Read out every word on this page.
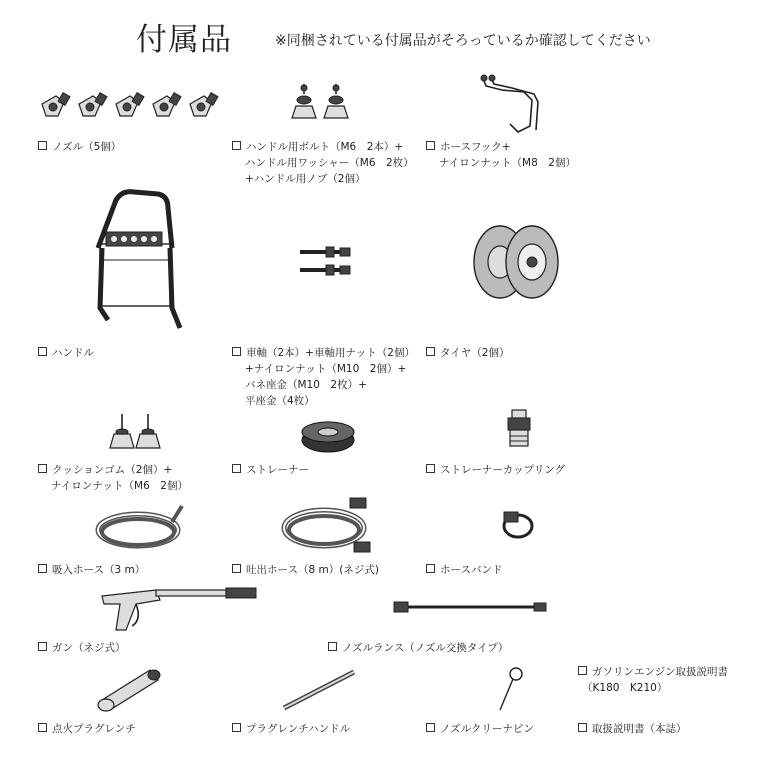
付属品	※同梱されている付属品がそろっているか確認してください
ノズル（5個）	ハンドル用ボルト（M6　2本）+
ハンドル用ワッシャー（M6　2枚）
+ハンドル用ノブ（2個）
ホースフック+
ナイロンナット（M8　2個）
ハンドル	車軸（2本）+車軸用ナット（2個）
+ナイロンナット（M10　2個）+
バネ座金（M10　2枚）+
平座金（4枚）
タイヤ（2個）
クッションゴム（2個）+
ナイロンナット（M6　2個）
ストレーナー	ストレーナーカップリング
吸入ホース（3 m）	吐出ホース（8 m）(ネジ式)	ホースバンド
ガン（ネジ式）	ノズルランス（ノズル交換タイプ）
ガソリンエンジン取扱説明書
（K180　K210）
点火プラグレンチ	プラグレンチハンドル	ノズルクリーナピン	取扱説明書（本誌）
